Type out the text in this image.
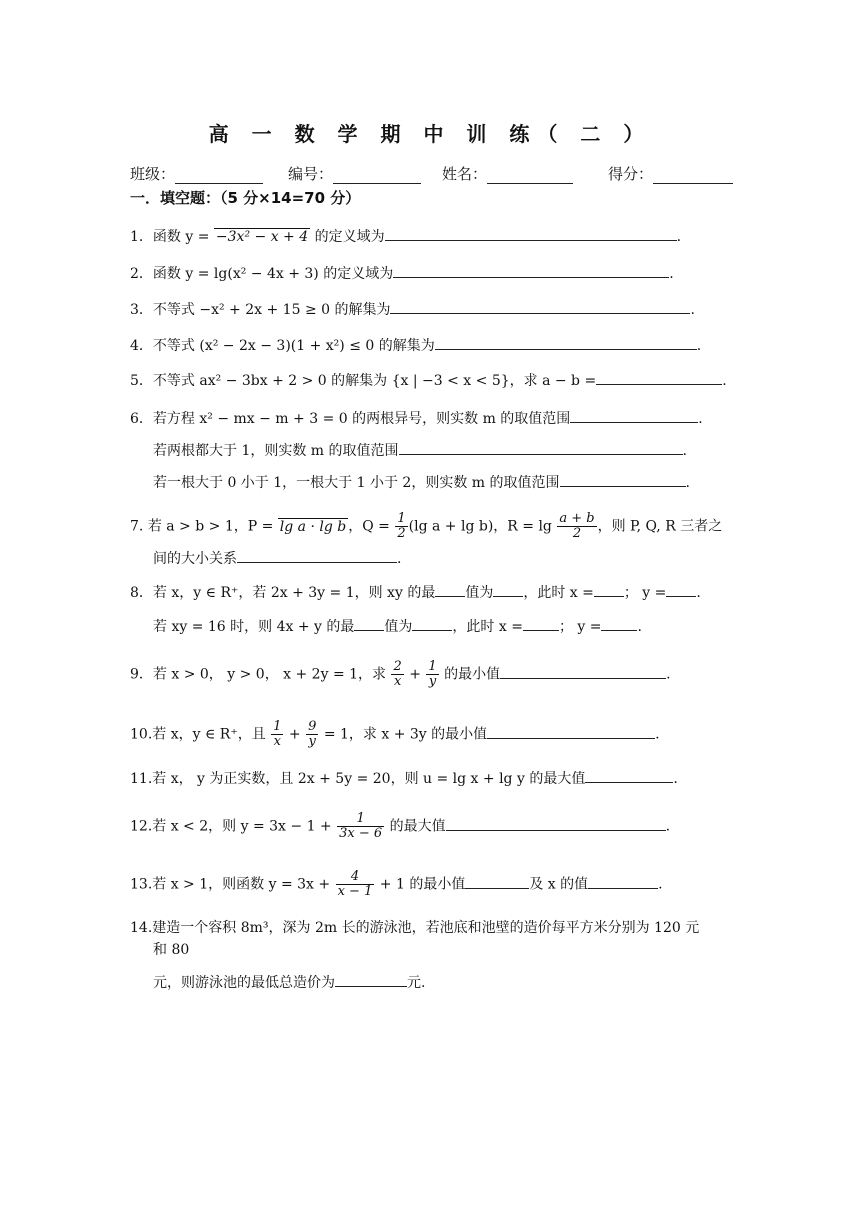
高 一 数 学 期 中 训 练（ 二 ）
班级：	编号：	姓名：	得分：
一．填空题：（5 分×14=70 分）
1．函数 y = −3x² − x + 4 的定义域为	.
2．函数 y = lg(x² − 4x + 3) 的定义域为	.
3．不等式 −x² + 2x + 15 ≥ 0 的解集为	.
4．不等式 (x² − 2x − 3)(1 + x²) ≤ 0 的解集为	.
5．不等式 ax² − 3bx + 2 > 0 的解集为 {x | −3 < x < 5}，求 a − b =	.
6．若方程 x² − mx − m + 3 = 0 的两根异号，则实数 m 的取值范围	.
若两根都大于 1，则实数 m 的取值范围	.
若一根大于 0 小于 1，一根大于 1 小于 2，则实数 m 的取值范围	.
7. 若 a > b > 1，P = lg a · lg b ，$Q = \frac{1}{2} (\lg$ a + lg b)，$R = \lg \frac{a + b}{2}$ ，则 P, Q, R 三者之
间的大小关系	.
8．若 x，y ∈ R⁺，若 2x + 3y = 1，则 xy 的最 值为 ，此时 x = ； y = .
若 xy = 16 时，则 4x + y 的最 值为	，此时 x =	； y =	.
9．若 x > 0， y > 0， x + 2y = 1，求 $\frac{2}{x} + \frac{1}{y}$ 的最小值	.
10.若 x，y ∈ R⁺，且 $\frac{1}{x} + \frac{9}{y} = 1$，求 x + 3y 的最小值	.
11.若 x， y 为正实数，且 2x + 5y = 20，则 u = lg x + lg y 的最大值	.
12.若 x < 2，则 $y = 3x - 1 + \frac{1}{3x - 6}$ 的最大值	.
13.若 x > 1，则函数 $y = 3x + \frac{4}{x - 1} + 1$ 的最小值	及 x 的值	.
14.建造一个容积 8m³，深为 2m 长的游泳池，若池底和池壁的造价每平方米分别为 120 元
和 80
元，则游泳池的最低总造价为	元.
